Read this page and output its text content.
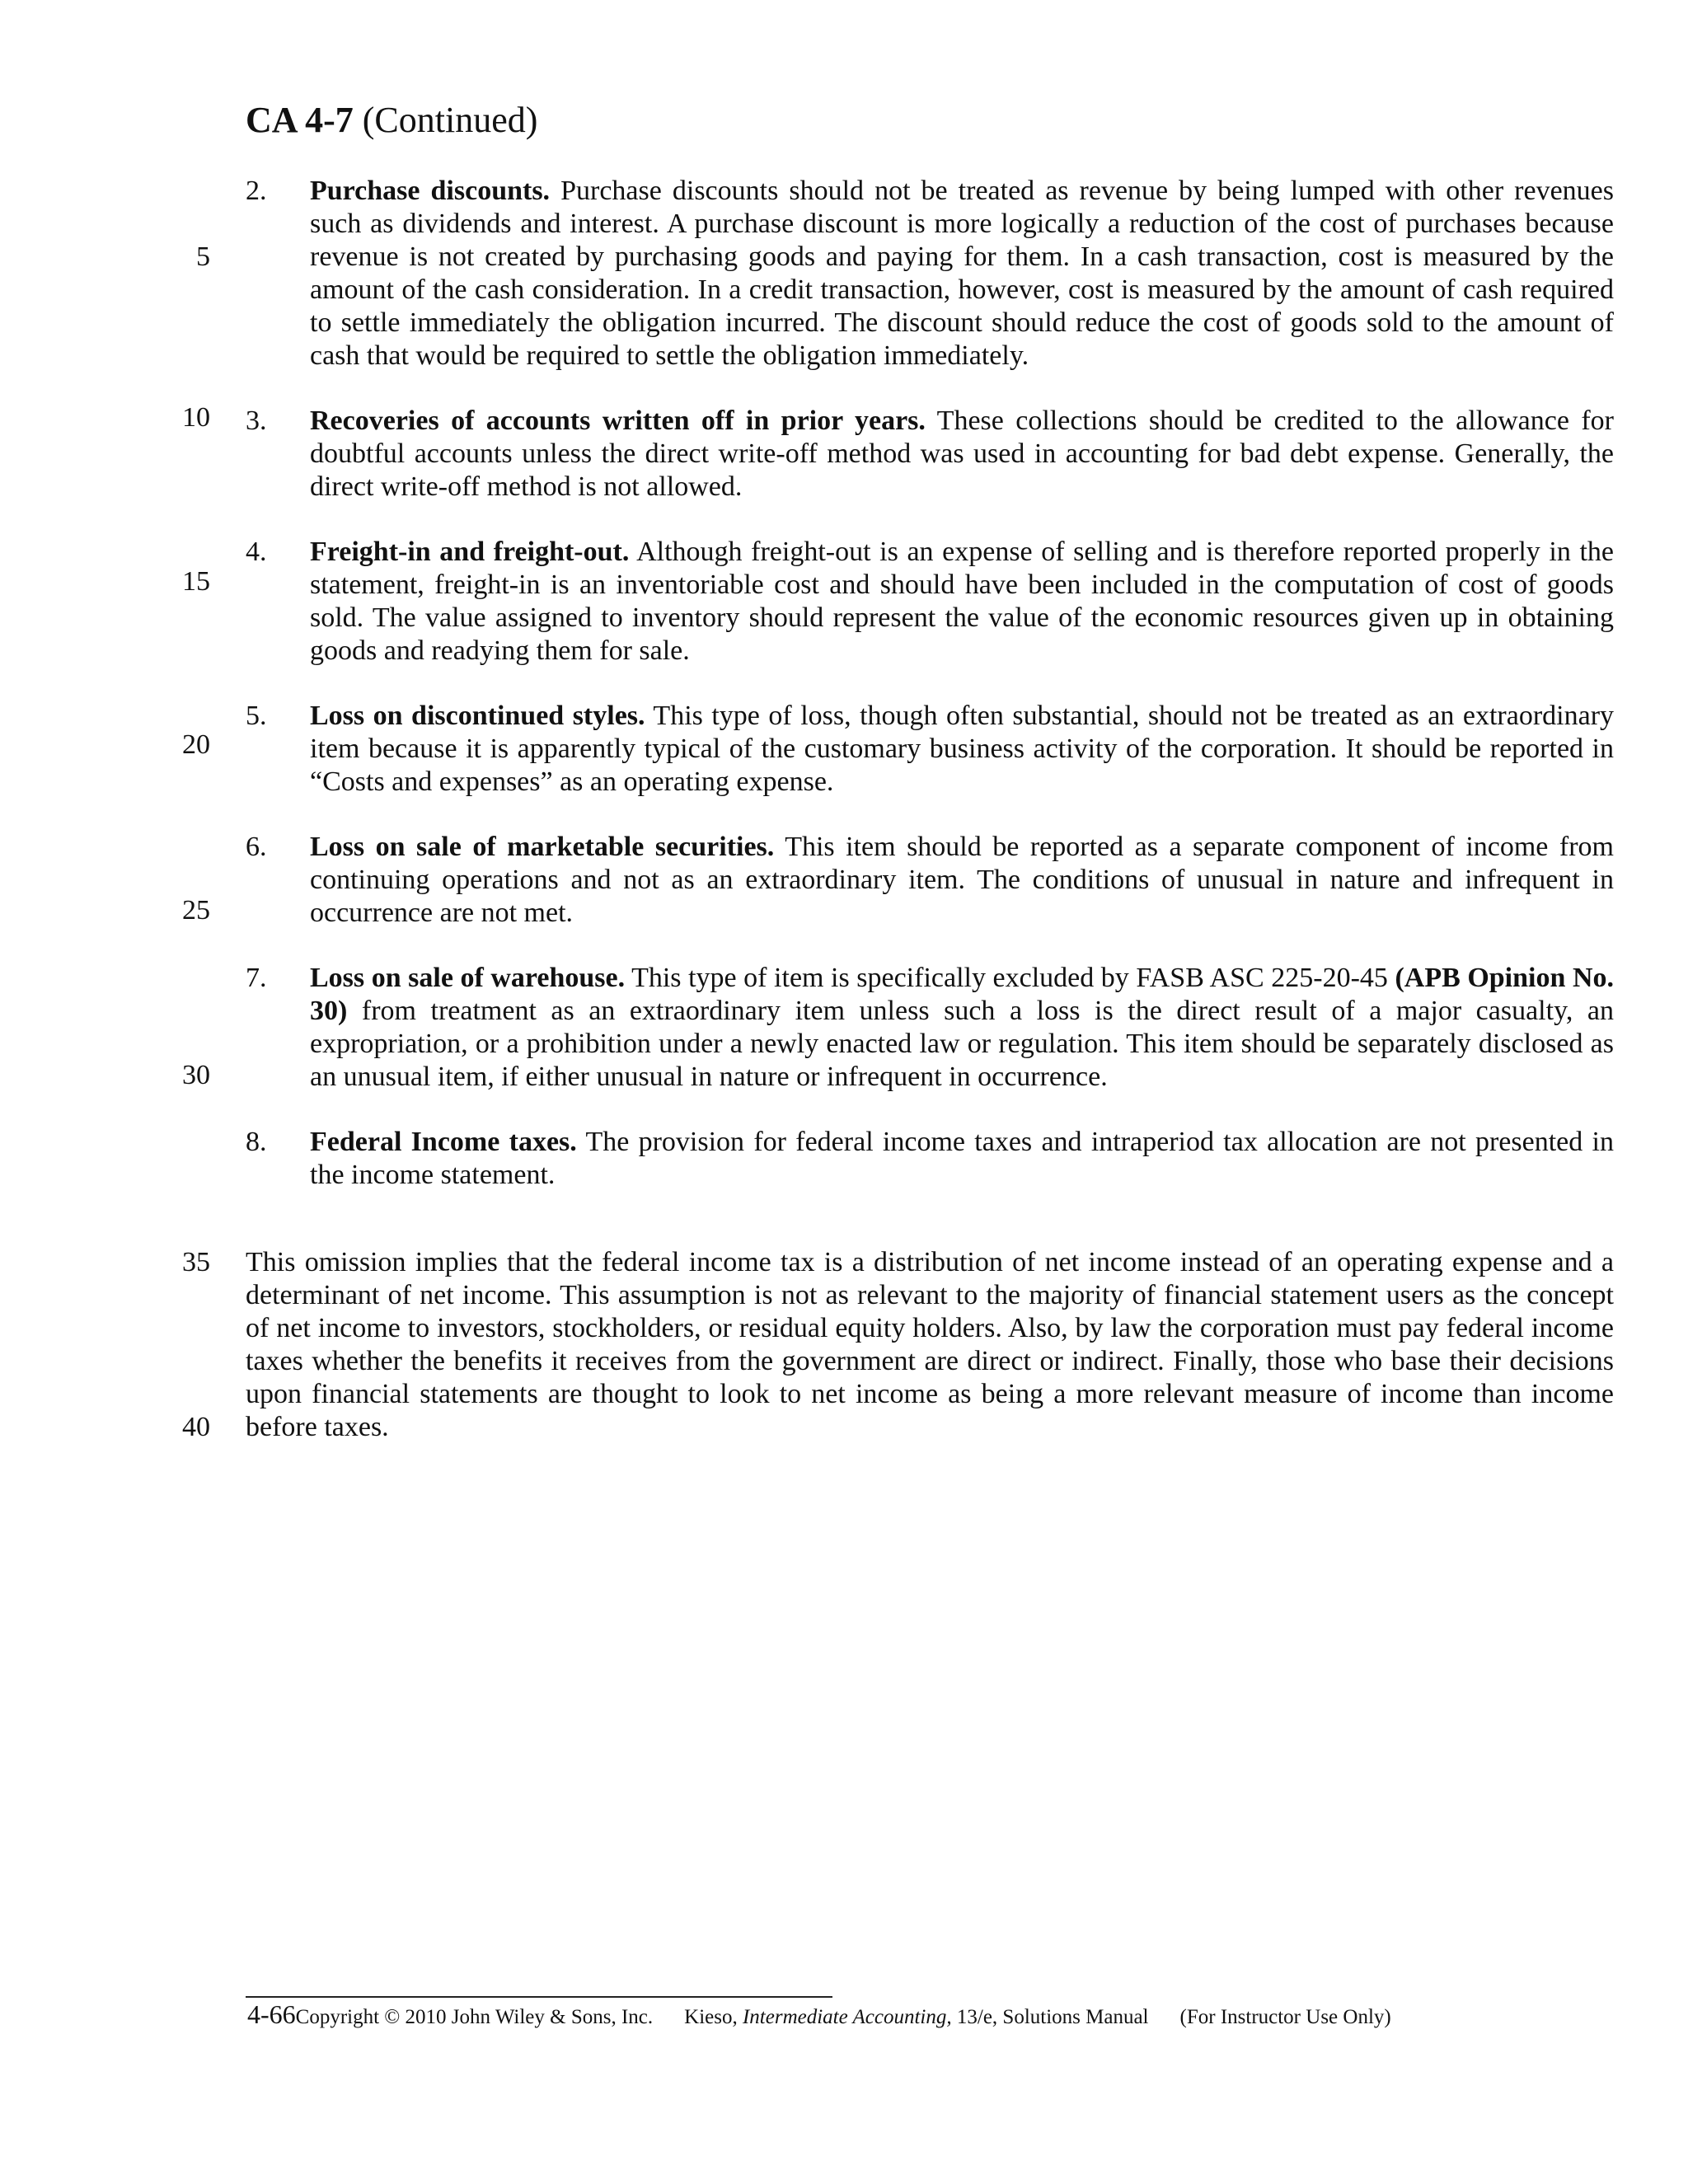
CA 4-7 (Continued)
5
10
15
20
25
30
35
40
2. Purchase discounts. Purchase discounts should not be treated as revenue by being lumped with other revenues such as dividends and interest. A purchase discount is more logically a reduction of the cost of purchases because revenue is not created by purchasing goods and paying for them. In a cash transaction, cost is measured by the amount of the cash consideration. In a credit transaction, however, cost is measured by the amount of cash required to settle immediately the obligation incurred. The discount should reduce the cost of goods sold to the amount of cash that would be required to settle the obligation immediately.
3. Recoveries of accounts written off in prior years. These collections should be credited to the allowance for doubtful accounts unless the direct write-off method was used in accounting for bad debt expense. Generally, the direct write-off method is not allowed.
4. Freight-in and freight-out. Although freight-out is an expense of selling and is therefore reported properly in the statement, freight-in is an inventoriable cost and should have been included in the computation of cost of goods sold. The value assigned to inventory should represent the value of the economic resources given up in obtaining goods and readying them for sale.
5. Loss on discontinued styles. This type of loss, though often substantial, should not be treated as an extraordinary item because it is apparently typical of the customary business activity of the corporation. It should be reported in “Costs and expenses” as an operating expense.
6. Loss on sale of marketable securities. This item should be reported as a separate component of income from continuing operations and not as an extraordinary item. The conditions of unusual in nature and infrequent in occurrence are not met.
7. Loss on sale of warehouse. This type of item is specifically excluded by FASB ASC 225-20-45 (APB Opinion No. 30) from treatment as an extraordinary item unless such a loss is the direct result of a major casualty, an expropriation, or a prohibition under a newly enacted law or regulation. This item should be separately disclosed as an unusual item, if either unusual in nature or infrequent in occurrence.
8. Federal Income taxes. The provision for federal income taxes and intraperiod tax allocation are not presented in the income statement.
This omission implies that the federal income tax is a distribution of net income instead of an operating expense and a determinant of net income. This assumption is not as relevant to the majority of financial statement users as the concept of net income to investors, stockholders, or residual equity holders. Also, by law the corporation must pay federal income taxes whether the benefits it receives from the government are direct or indirect. Finally, those who base their decisions upon financial statements are thought to look to net income as being a more relevant measure of income than income before taxes.
4-66Copyright © 2010 John Wiley & Sons, Inc. Kieso, Intermediate Accounting, 13/e, Solutions Manual (For Instructor Use Only)
